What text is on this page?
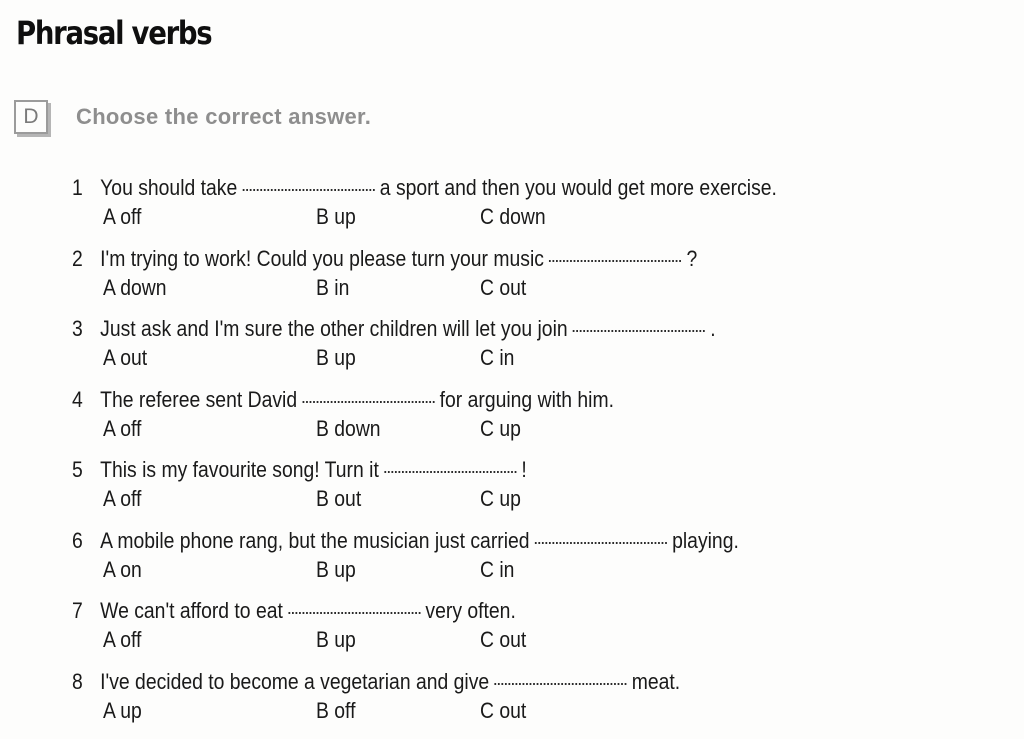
Phrasal verbs
D	Choose the correct answer.
1 You should take	a sport and then you would get more exercise.
A off	B up	C down
2 I'm trying to work! Could you please turn your music	?
A down	B in	C out
3 Just ask and I'm sure the other children will let you join	.
A out	B up	C in
4 The referee sent David	for arguing with him.
A off	B down	C up
5 This is my favourite song! Turn it	!
A off	B out	C up
6 A mobile phone rang, but the musician just carried	playing.
A on	B up	C in
7 We can't afford to eat	very often.
A off	B up	C out
8 I've decided to become a vegetarian and give	meat.
A up	B off	C out
